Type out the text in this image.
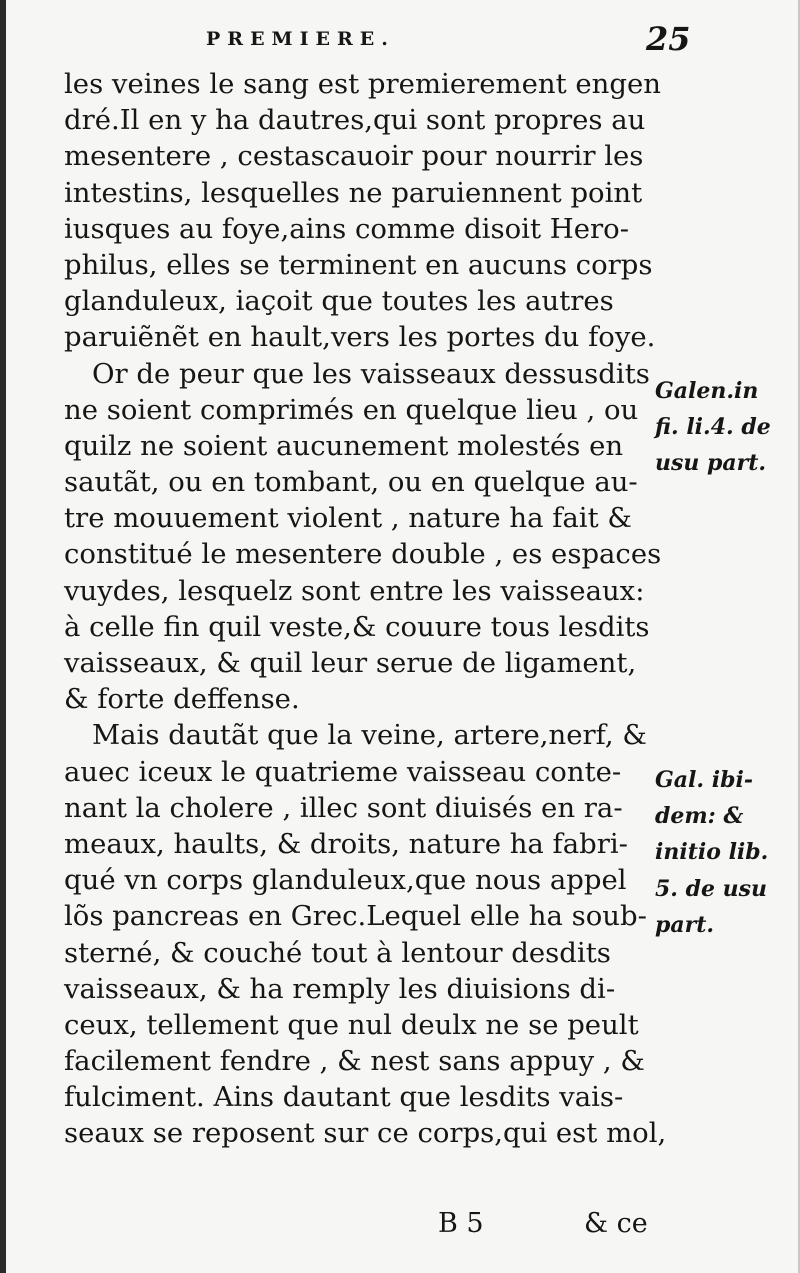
PREMIERE.	25
les veines le sang est premierement engen
dré.Il en y ha dautres,qui sont propres au
mesentere , cestascauoir pour nourrir les
intestins, lesquelles ne paruiennent point
iusques au foye,ains comme disoit Hero-
philus, elles se terminent en aucuns corps
glanduleux, iaçoit que toutes les autres
paruiẽnẽt en hault,vers les portes du foye.
Or de peur que les vaisseaux dessusdits
ne soient comprimés en quelque lieu , ou
quilz ne soient aucunement molestés en
sautãt, ou en tombant, ou en quelque au-
tre mouuement violent , nature ha fait &
constitué le mesentere double , es espaces
vuydes, lesquelz sont entre les vaisseaux:
à celle fin quil veste,& couure tous lesdits
vaisseaux, & quil leur serue de ligament,
& forte deffense.
Mais dautãt que la veine, artere,nerf, &
auec iceux le quatrieme vaisseau conte-
nant la cholere , illec sont diuisés en ra-
meaux, haults, & droits, nature ha fabri-
qué vn corps glanduleux,que nous appel
lõs pancreas en Grec.Lequel elle ha soub-
sterné, & couché tout à lentour desdits
vaisseaux, & ha remply les diuisions di-
ceux, tellement que nul deulx ne se peult
facilement fendre , & nest sans appuy , &
fulciment. Ains dautant que lesdits vais-
seaux se reposent sur ce corps,qui est mol,
Galen.in
fi. li.4. de
usu part.
Gal. ibi-
dem: &
initio lib.
5. de usu
part.
B 5	& ce
